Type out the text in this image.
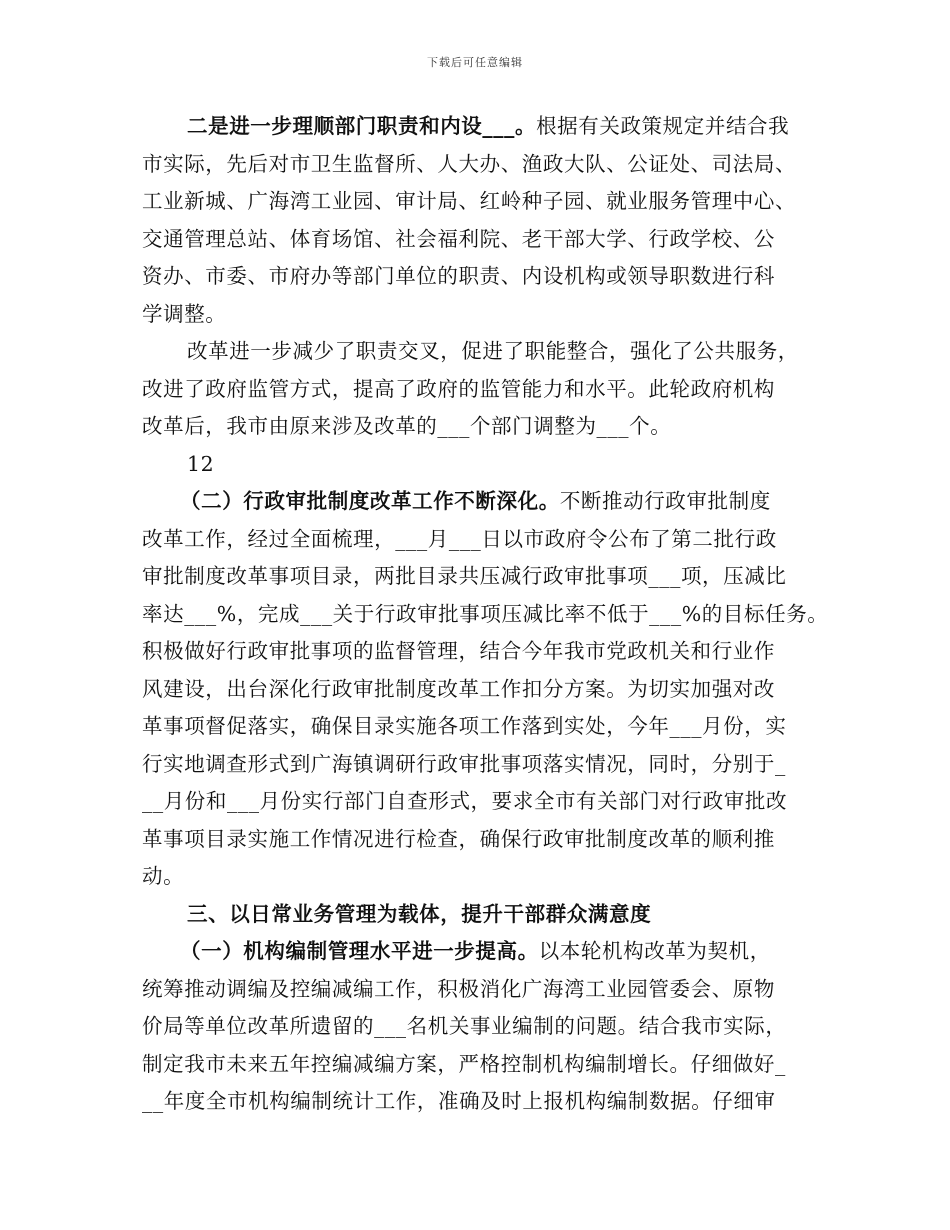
下载后可任意编辑
二是进一步理顺部门职责和内设___。根据有关政策规定并结合我
市实际，先后对市卫生监督所、人大办、渔政大队、公证处、司法局、
工业新城、广海湾工业园、审计局、红岭种子园、就业服务管理中心、
交通管理总站、体育场馆、社会福利院、老干部大学、行政学校、公
资办、市委、市府办等部门单位的职责、内设机构或领导职数进行科
学调整。
改革进一步减少了职责交叉，促进了职能整合，强化了公共服务，
改进了政府监管方式，提高了政府的监管能力和水平。此轮政府机构
改革后，我市由原来涉及改革的___个部门调整为___个。
12
（二）行政审批制度改革工作不断深化。不断推动行政审批制度
改革工作，经过全面梳理，___月___日以市政府令公布了第二批行政
审批制度改革事项目录，两批目录共压减行政审批事项___项，压减比
率达___%，完成___关于行政审批事项压减比率不低于___%的目标任务。
积极做好行政审批事项的监督管理，结合今年我市党政机关和行业作
风建设，出台深化行政审批制度改革工作扣分方案。为切实加强对改
革事项督促落实，确保目录实施各项工作落到实处，今年___月份，实
行实地调查形式到广海镇调研行政审批事项落实情况，同时，分别于_
__月份和___月份实行部门自查形式，要求全市有关部门对行政审批改
革事项目录实施工作情况进行检查，确保行政审批制度改革的顺利推
动。
三、以日常业务管理为载体，提升干部群众满意度
（一）机构编制管理水平进一步提高。以本轮机构改革为契机，
统筹推动调编及控编减编工作，积极消化广海湾工业园管委会、原物
价局等单位改革所遗留的___名机关事业编制的问题。结合我市实际，
制定我市未来五年控编减编方案，严格控制机构编制增长。仔细做好_
__年度全市机构编制统计工作，准确及时上报机构编制数据。仔细审
